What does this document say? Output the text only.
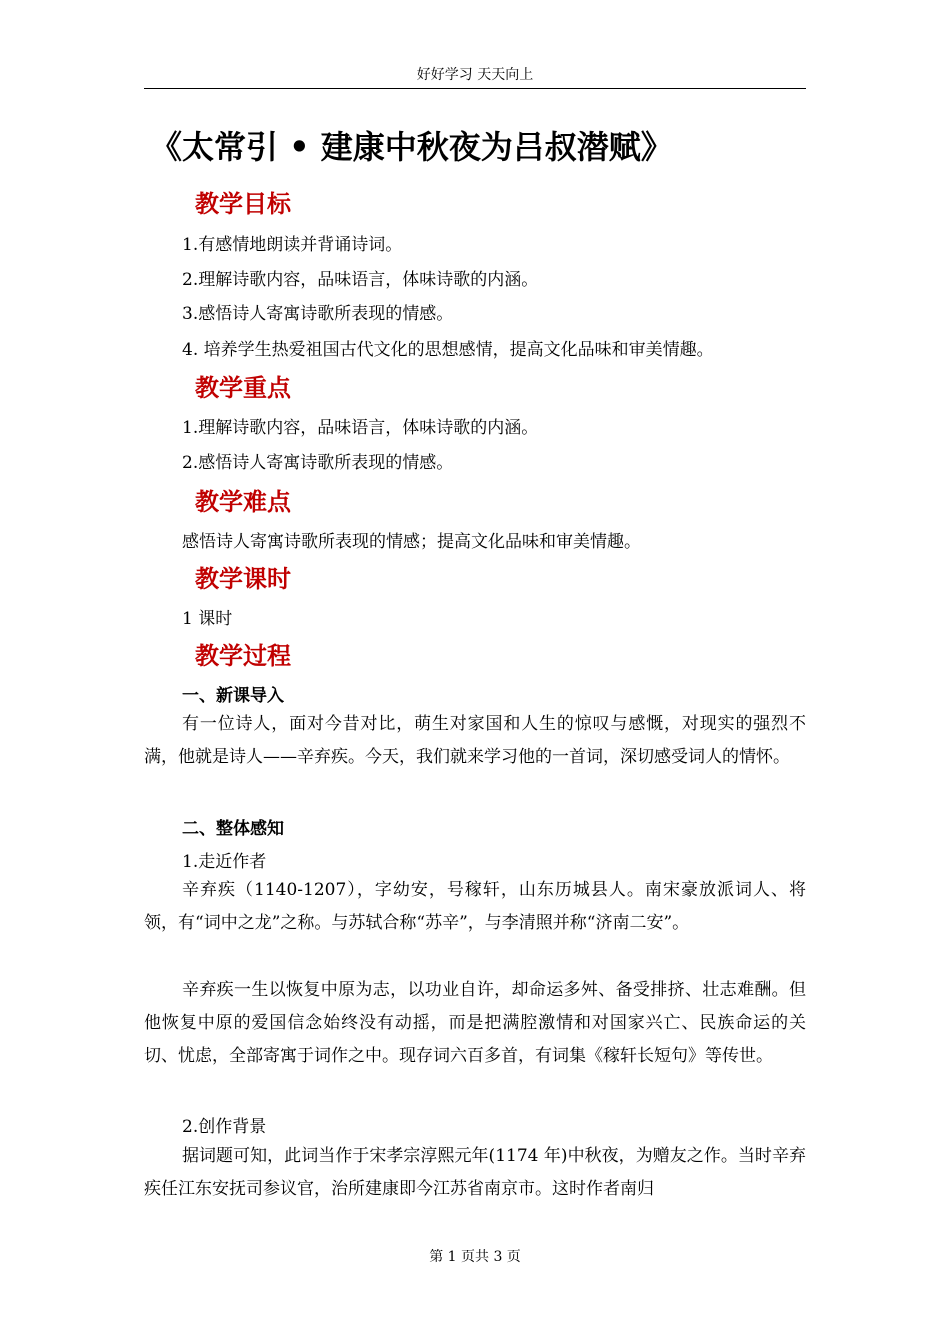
好好学习 天天向上
《太常引 • 建康中秋夜为吕叔潜赋》
教学目标
1.有感情地朗读并背诵诗词。
2.理解诗歌内容，品味语言，体味诗歌的内涵。
3.感悟诗人寄寓诗歌所表现的情感。
4. 培养学生热爱祖国古代文化的思想感情，提高文化品味和审美情趣。
教学重点
1.理解诗歌内容，品味语言，体味诗歌的内涵。
2.感悟诗人寄寓诗歌所表现的情感。
教学难点
感悟诗人寄寓诗歌所表现的情感；提高文化品味和审美情趣。
教学课时
1 课时
教学过程
一、新课导入
有一位诗人，面对今昔对比，萌生对家国和人生的惊叹与感慨，对现实的强烈不满，他就是诗人——辛弃疾。今天，我们就来学习他的一首词，深切感受词人的情怀。
二、整体感知
1.走近作者
辛弃疾（1140-1207），字幼安，号稼轩，山东历城县人。南宋豪放派词人、将领，有“词中之龙”之称。与苏轼合称“苏辛”，与李清照并称“济南二安”。
辛弃疾一生以恢复中原为志，以功业自许，却命运多舛、备受排挤、壮志难酬。但他恢复中原的爱国信念始终没有动摇，而是把满腔激情和对国家兴亡、民族命运的关切、忧虑，全部寄寓于词作之中。现存词六百多首，有词集《稼轩长短句》等传世。
2.创作背景
据词题可知，此词当作于宋孝宗淳熙元年(1174 年)中秋夜，为赠友之作。当时辛弃疾任江东安抚司参议官，治所建康即今江苏省南京市。这时作者南归
第 1 页共 3 页
